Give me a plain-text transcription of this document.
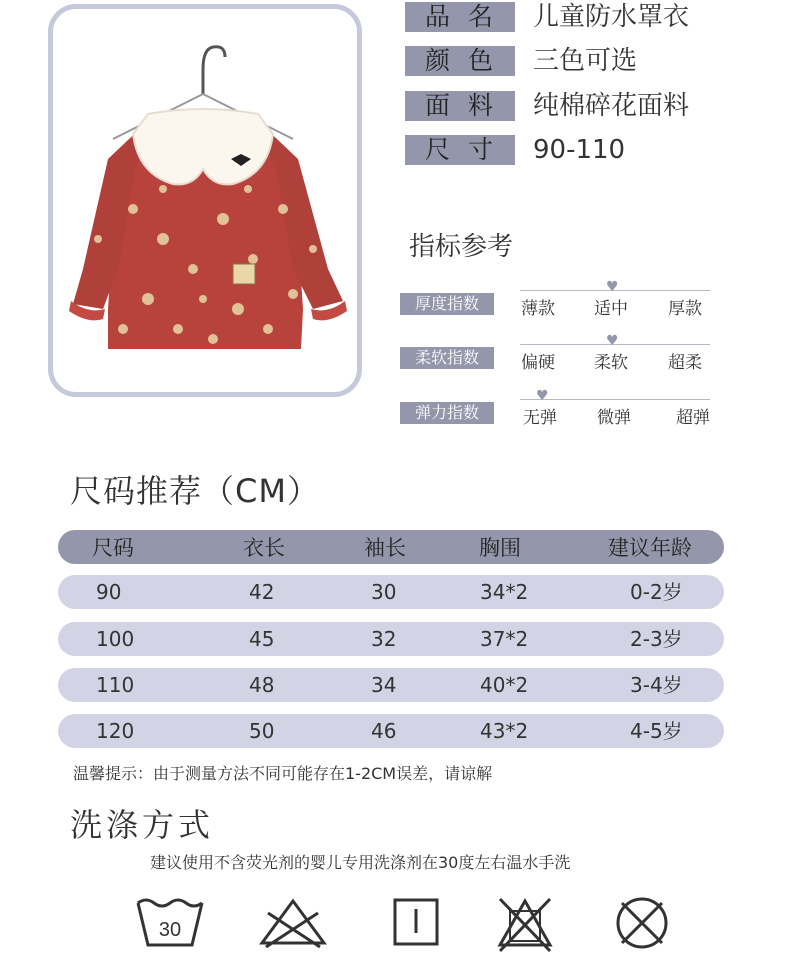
品名 儿童防水罩衣
颜色 三色可选
面料 纯棉碎花面料
尺寸 90-110
指标参考
厚度指数
♥
薄款 适中 厚款
柔软指数
♥
偏硬 柔软 超柔
弹力指数
♥
无弹 微弹	超弹
尺码推荐（CM）
尺码	衣长	袖长	胸围	建议年龄
90	42	30	34*2	0-2岁
100	45	32	37*2	2-3岁
110	48	34	40*2	3-4岁
120	50	46	43*2	4-5岁
温馨提示：由于测量方法不同可能存在1-2CM误差，请谅解
洗涤方式
建议使用不含荧光剂的婴儿专用洗涤剂在30度左右温水手洗
30
